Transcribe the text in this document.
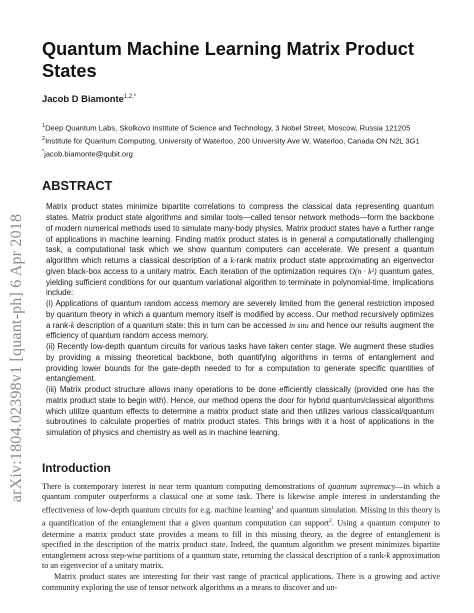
arXiv:1804.02398v1 [quant-ph] 6 Apr 2018
Quantum Machine Learning Matrix Product States
Jacob D Biamonte$^{1,2,*}$
$^1$Deep Quantum Labs, Skolkovo Institute of Science and Technology, 3 Nobel Street, Moscow, Russia 121205
$^2$Institute for Quantum Computing, University of Waterloo, 200 University Ave W, Waterloo, Canada ON N2L 3G1
*jacob.biamonte@qubit.org
ABSTRACT

Matrix product states minimize bipartite correlations to compress the classical data representing quantum states. Matrix product state algorithms and similar tools—called tensor network methods—form the backbone of modern numerical methods used to simulate many-body physics. Matrix product states have a further range of applications in machine learning. Finding matrix product states is in general a computationally challenging task, a computational task which we show quantum computers can accelerate. We present a quantum algorithm which returns a classical description of a k-rank matrix product state approximating an eigenvector given black-box access to a unitary matrix. Each iteration of the optimization requires O(n · k²) quantum gates, yielding sufficient conditions for our quantum variational algorithm to terminate in polynomial-time. Implications include:

(i) Applications of quantum random access memory are severely limited from the general restriction imposed by quantum theory in which a quantum memory itself is modified by access. Our method recursively optimizes a rank-k description of a quantum state: this in turn can be accessed in situ and hence our results augment the efficiency of quantum random access memory.

(ii) Recently low-depth quantum circuits for various tasks have taken center stage. We augment these studies by providing a missing theoretical backbone, both quantifying algorithms in terms of entanglement and providing lower bounds for the gate-depth needed to for a computation to generate specific quantities of entanglement.

(iii) Matrix product structure allows many operations to be done efficiently classically (provided one has the matrix product state to begin with). Hence, our method opens the door for hybrid quantum/classical algorithms which utilize quantum effects to determine a matrix product state and then utilizes various classical/quantum subroutines to calculate properties of matrix product states. This brings with it a host of applications in the simulation of physics and chemistry as well as in machine learning.

Introduction

There is contemporary interest in near term quantum computing demonstrations of quantum supremacy—in which a quantum computer outperforms a classical one at some task. There is likewise ample interest in understanding the effectiveness of low-depth quantum circuits for e.g. machine learning$^1$ and quantum simulation. Missing in this theory is a quantification of the entanglement that a given quantum computation can support$^2$. Using a quantum computer to determine a matrix product state provides a means to fill in this missing theory, as the degree of entanglement is specified in the description of the matrix product state. Indeed, the quantum algorithm we present minimizes bipartite entanglement across step-wise partitions of a quantum state, returning the classical description of a rank-k approximation to an eigenvector of a unitary matrix.

Matrix product states are interesting for their vast range of practical applications. There is a growing and active community exploring the use of tensor network algorithms as a means to discover and un-
